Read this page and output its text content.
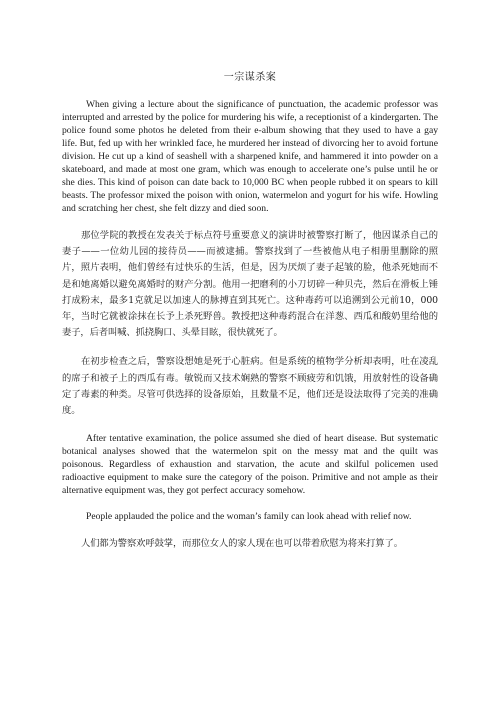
一宗谋杀案

When giving a lecture about the significance of punctuation, the academic professor was interrupted and arrested by the police for murdering his wife, a receptionist of a kindergarten. The police found some photos he deleted from their e-album showing that they used to have a gay life. But, fed up with her wrinkled face, he murdered her instead of divorcing her to avoid fortune division. He cut up a kind of seashell with a sharpened knife, and hammered it into powder on a skateboard, and made at most one gram, which was enough to accelerate one’s pulse until he or she dies. This kind of poison can date back to 10,000 BC when people rubbed it on spears to kill beasts. The professor mixed the poison with onion, watermelon and yogurt for his wife. Howling and scratching her chest, she felt dizzy and died soon.

那位学院的教授在发表关于标点符号重要意义的演讲时被警察打断了，他因谋杀自己的妻子——一位幼儿园的接待员——而被逮捕。警察找到了一些被他从电子相册里删除的照片，照片表明，他们曾经有过快乐的生活，但是，因为厌烦了妻子起皱的脸，他杀死她而不是和她离婚以避免离婚时的财产分割。他用一把磨利的小刀切碎一种贝壳，然后在滑板上锤打成粉末，最多1克就足以加速人的脉搏直到其死亡。这种毒药可以追溯到公元前10，000年，当时它就被涂抹在长予上杀死野兽。教授把这种毒药混合在洋葱、西瓜和酸奶里给他的妻子，后者叫喊、抓挠胸口、头晕目眩，很快就死了。

在初步检查之后，警察设想她是死于心脏病。但是系统的植物学分析却表明，吐在凌乱的席子和被子上的西瓜有毒。敏锐而又技术娴熟的警察不顾疲劳和饥饿，用放射性的设备确定了毒素的种类。尽管可供选择的设备原始，且数量不足，他们还是设法取得了完美的准确度。

After tentative examination, the police assumed she died of heart disease. But systematic botanical analyses showed that the watermelon spit on the messy mat and the quilt was poisonous. Regardless of exhaustion and starvation, the acute and skilful policemen used radioactive equipment to make sure the category of the poison. Primitive and not ample as their alternative equipment was, they got perfect accuracy somehow.

People applauded the police and the woman’s family can look ahead with relief now.

人们都为警察欢呼鼓掌，而那位女人的家人现在也可以带着欣慰为将来打算了。
